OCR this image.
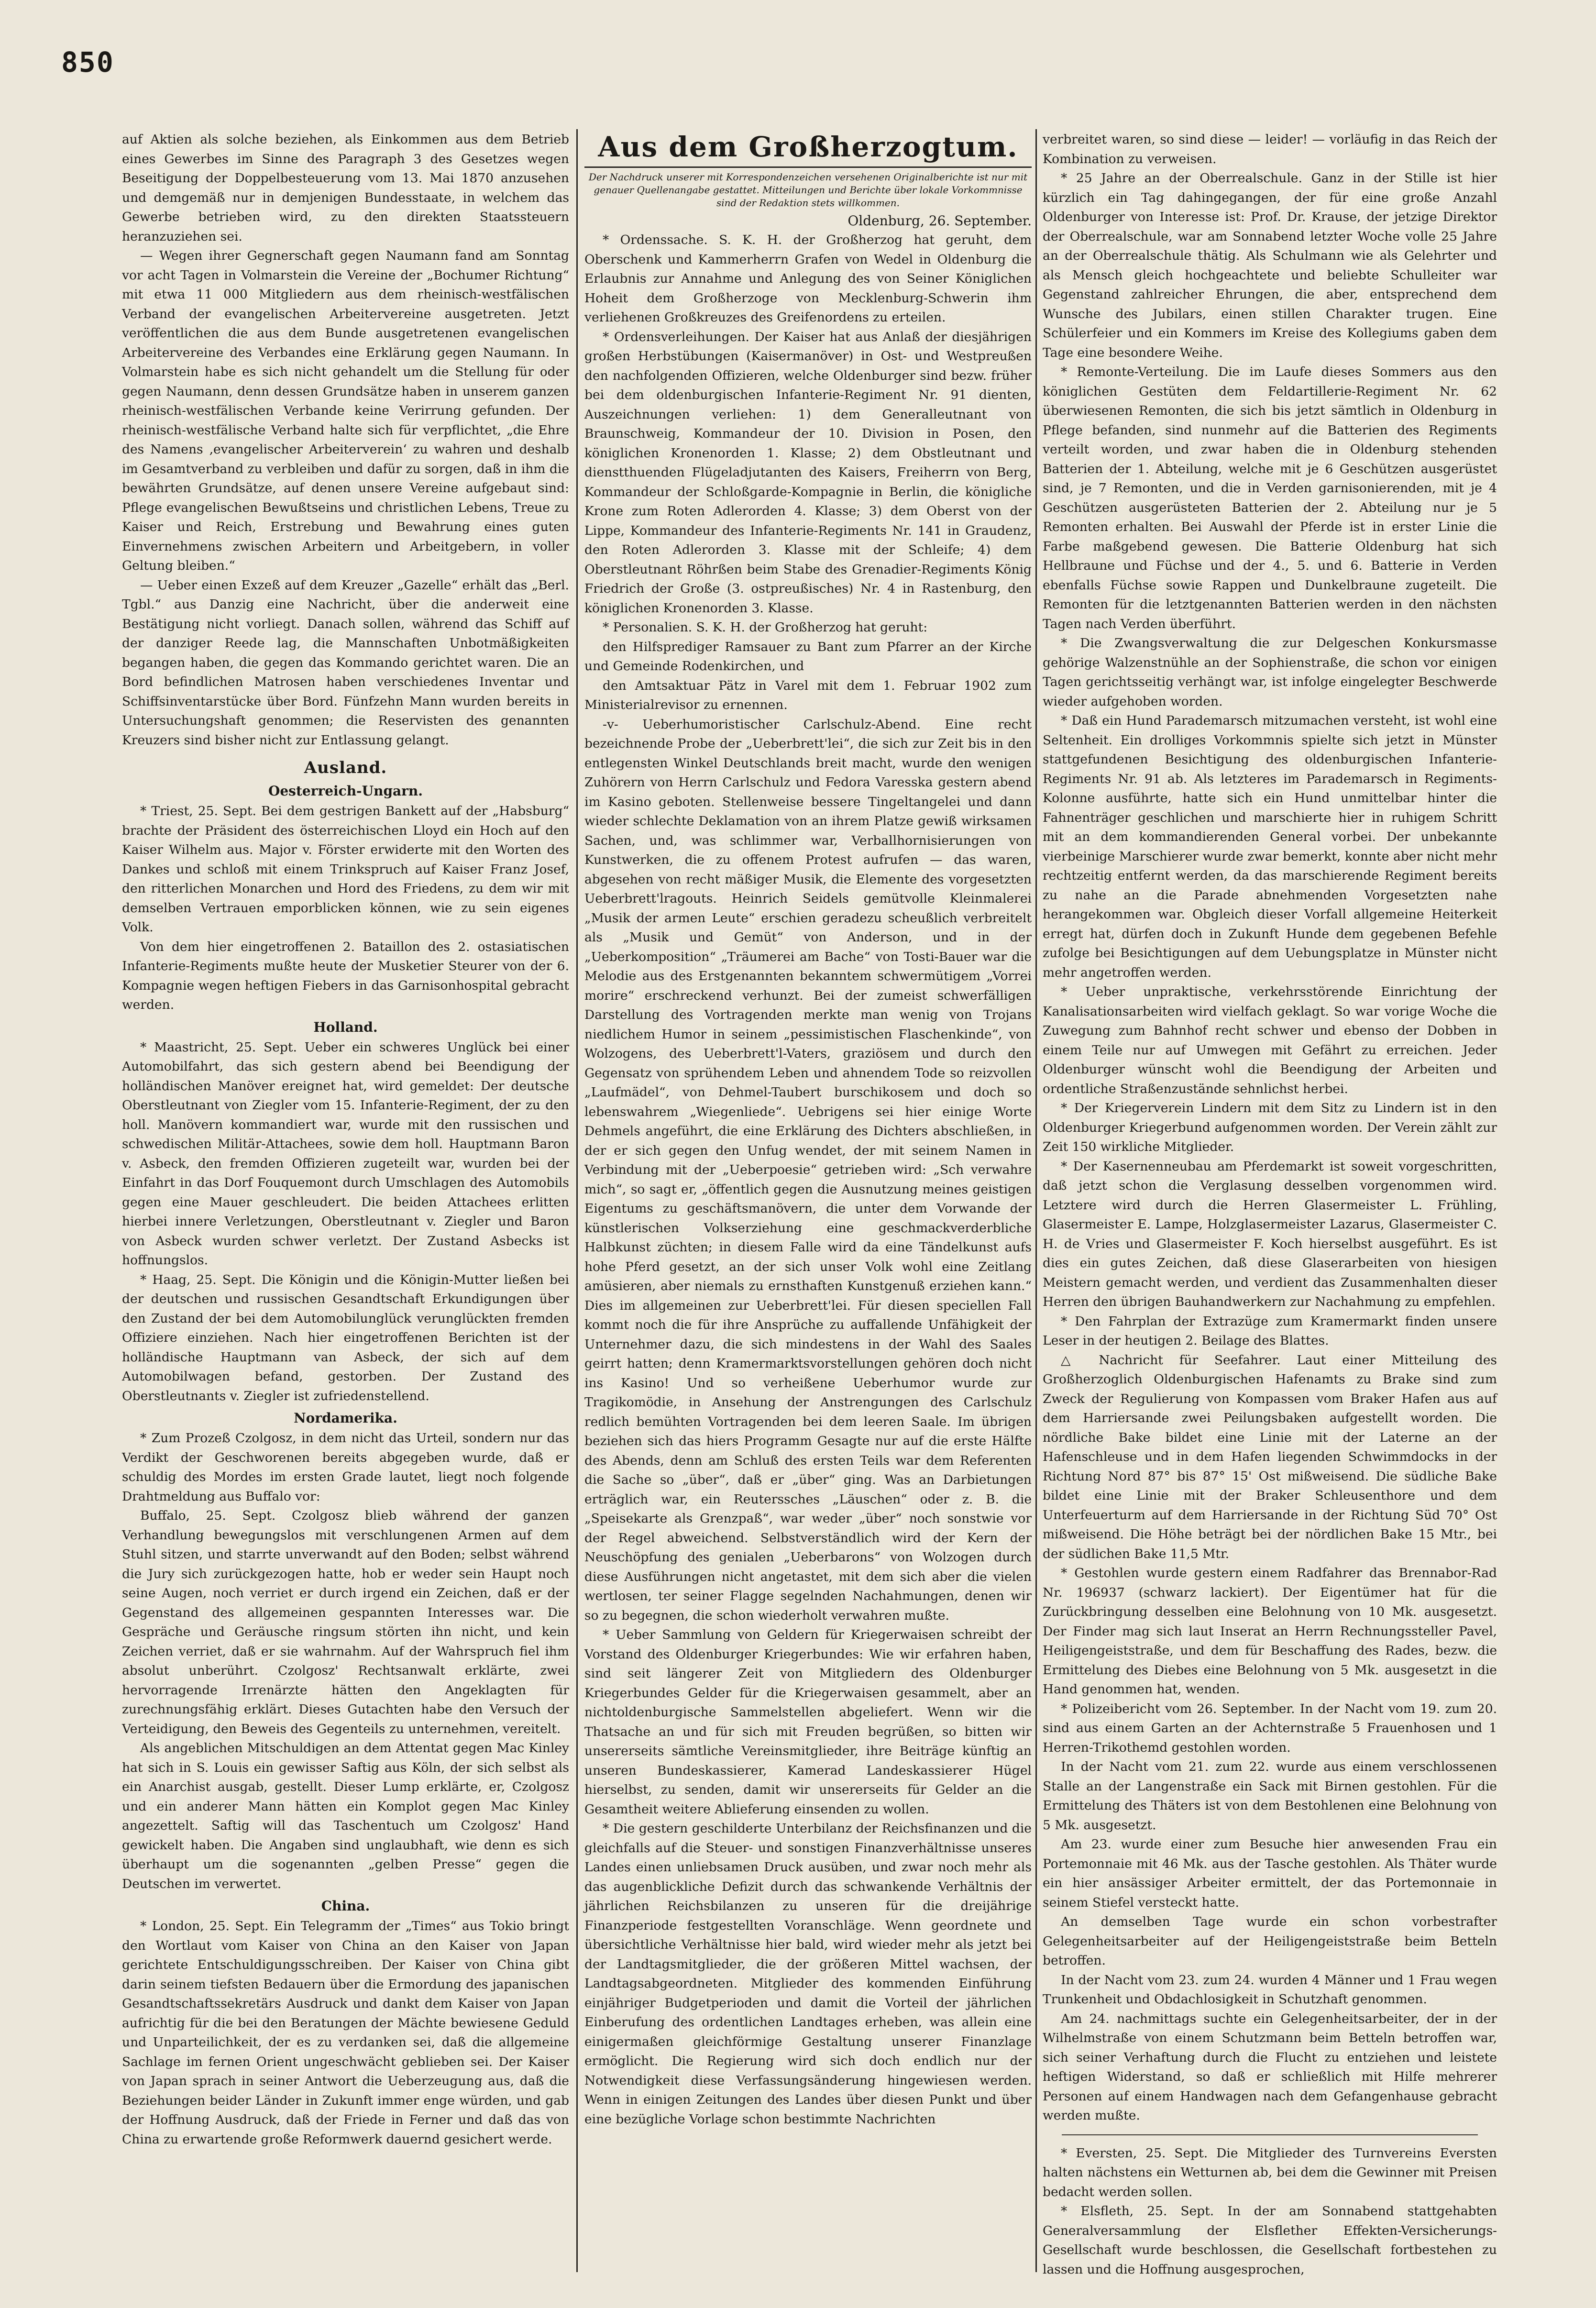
850

auf Aktien als solche beziehen, als Einkommen aus dem Betrieb eines Gewerbes im Sinne des Paragraph 3 des Gesetzes wegen Beseitigung der Doppelbesteuerung vom 13. Mai 1870 anzusehen und demgemäß nur in demjenigen Bundesstaate, in welchem das Gewerbe betrieben wird, zu den direkten Staatssteuern heranzuziehen sei.

— Wegen ihrer Gegnerschaft gegen Naumann fand am Sonntag vor acht Tagen in Volmarstein die Vereine der „Bochumer Richtung“ mit etwa 11 000 Mitgliedern aus dem rheinisch-westfälischen Verband der evangelischen Arbeitervereine ausgetreten. Jetzt veröffentlichen die aus dem Bunde ausgetretenen evangelischen Arbeitervereine des Verbandes eine Erklärung gegen Naumann. In Volmarstein habe es sich nicht gehandelt um die Stellung für oder gegen Naumann, denn dessen Grundsätze haben in unserem ganzen rheinisch-westfälischen Verbande keine Verirrung gefunden. Der rheinisch-westfälische Verband halte sich für verpflichtet, „die Ehre des Namens ‚evangelischer Arbeiterverein‘ zu wahren und deshalb im Gesamtverband zu verbleiben und dafür zu sorgen, daß in ihm die bewährten Grundsätze, auf denen unsere Vereine aufgebaut sind: Pflege evangelischen Bewußtseins und christlichen Lebens, Treue zu Kaiser und Reich, Erstrebung und Bewahrung eines guten Einvernehmens zwischen Arbeitern und Arbeitgebern, in voller Geltung bleiben.“

— Ueber einen Exzeß auf dem Kreuzer „Gazelle“ erhält das „Berl. Tgbl.“ aus Danzig eine Nachricht, über die anderweit eine Bestätigung nicht vorliegt. Danach sollen, während das Schiff auf der danziger Reede lag, die Mannschaften Unbotmäßigkeiten begangen haben, die gegen das Kommando gerichtet waren. Die an Bord befindlichen Matrosen haben verschiedenes Inventar und Schiffsinventarstücke über Bord. Fünfzehn Mann wurden bereits in Untersuchungshaft genommen; die Reservisten des genannten Kreuzers sind bisher nicht zur Entlassung gelangt.

Ausland.
Oesterreich-Ungarn.

* Triest, 25. Sept. Bei dem gestrigen Bankett auf der „Habsburg“ brachte der Präsident des österreichischen Lloyd ein Hoch auf den Kaiser Wilhelm aus. Major v. Förster erwiderte mit den Worten des Dankes und schloß mit einem Trinkspruch auf Kaiser Franz Josef, den ritterlichen Monarchen und Hord des Friedens, zu dem wir mit demselben Vertrauen emporblicken können, wie zu sein eigenes Volk.

Von dem hier eingetroffenen 2. Bataillon des 2. ostasiatischen Infanterie-Regiments mußte heute der Musketier Steurer von der 6. Kompagnie wegen heftigen Fiebers in das Garnisonhospital gebracht werden.

Holland.

* Maastricht, 25. Sept. Ueber ein schweres Unglück bei einer Automobilfahrt, das sich gestern abend bei Beendigung der holländischen Manöver ereignet hat, wird gemeldet: Der deutsche Oberstleutnant von Ziegler vom 15. Infanterie-Regiment, der zu den holl. Manövern kommandiert war, wurde mit den russischen und schwedischen Militär-Attachees, sowie dem holl. Hauptmann Baron v. Asbeck, den fremden Offizieren zugeteilt war, wurden bei der Einfahrt in das Dorf Fouquemont durch Umschlagen des Automobils gegen eine Mauer geschleudert. Die beiden Attachees erlitten hierbei innere Verletzungen, Oberstleutnant v. Ziegler und Baron von Asbeck wurden schwer verletzt. Der Zustand Asbecks ist hoffnungslos.

* Haag, 25. Sept. Die Königin und die Königin-Mutter ließen bei der deutschen und russischen Gesandtschaft Erkundigungen über den Zustand der bei dem Automobilunglück verunglückten fremden Offiziere einziehen. Nach hier eingetroffenen Berichten ist der holländische Hauptmann van Asbeck, der sich auf dem Automobilwagen befand, gestorben. Der Zustand des Oberstleutnants v. Ziegler ist zufriedenstellend.

Nordamerika.

* Zum Prozeß Czolgosz, in dem nicht das Urteil, sondern nur das Verdikt der Geschworenen bereits abgegeben wurde, daß er schuldig des Mordes im ersten Grade lautet, liegt noch folgende Drahtmeldung aus Buffalo vor:

Buffalo, 25. Sept. Czolgosz blieb während der ganzen Verhandlung bewegungslos mit verschlungenen Armen auf dem Stuhl sitzen, und starrte unverwandt auf den Boden; selbst während die Jury sich zurückgezogen hatte, hob er weder sein Haupt noch seine Augen, noch verriet er durch irgend ein Zeichen, daß er der Gegenstand des allgemeinen gespannten Interesses war. Die Gespräche und Geräusche ringsum störten ihn nicht, und kein Zeichen verriet, daß er sie wahrnahm. Auf der Wahrspruch fiel ihm absolut unberührt. Czolgosz' Rechtsanwalt erklärte, zwei hervorragende Irrenärzte hätten den Angeklagten für zurechnungsfähig erklärt. Dieses Gutachten habe den Versuch der Verteidigung, den Beweis des Gegenteils zu unternehmen, vereitelt.

Als angeblichen Mitschuldigen an dem Attentat gegen Mac Kinley hat sich in S. Louis ein gewisser Saftig aus Köln, der sich selbst als ein Anarchist ausgab, gestellt. Dieser Lump erklärte, er, Czolgosz und ein anderer Mann hätten ein Komplot gegen Mac Kinley angezettelt. Saftig will das Taschentuch um Czolgosz' Hand gewickelt haben. Die Angaben sind unglaubhaft, wie denn es sich überhaupt um die sogenannten „gelben Presse“ gegen die Deutschen im verwertet.

China.

* London, 25. Sept. Ein Telegramm der „Times“ aus Tokio bringt den Wortlaut vom Kaiser von China an den Kaiser von Japan gerichtete Entschuldigungsschreiben. Der Kaiser von China gibt darin seinem tiefsten Bedauern über die Ermordung des japanischen Gesandtschaftssekretärs Ausdruck und dankt dem Kaiser von Japan aufrichtig für die bei den Beratungen der Mächte bewiesene Geduld und Unparteilichkeit, der es zu verdanken sei, daß die allgemeine Sachlage im fernen Orient ungeschwächt geblieben sei. Der Kaiser von Japan sprach in seiner Antwort die Ueberzeugung aus, daß die Beziehungen beider Länder in Zukunft immer enge würden, und gab der Hoffnung Ausdruck, daß der Friede in Ferner und daß das von China zu erwartende große Reformwerk dauernd gesichert werde.

Aus dem Großherzogtum.
Der Nachdruck unserer mit Korrespondenzeichen versehenen Originalberichte ist nur mit genauer Quellenangabe gestattet. Mitteilungen und Berichte über lokale Vorkommnisse sind der Redaktion stets willkommen.
Oldenburg, 26. September.

* Ordenssache. S. K. H. der Großherzog hat geruht, dem Oberschenk und Kammerherrn Grafen von Wedel in Oldenburg die Erlaubnis zur Annahme und Anlegung des von Seiner Königlichen Hoheit dem Großherzoge von Mecklenburg-Schwerin ihm verliehenen Großkreuzes des Greifenordens zu erteilen.

* Ordensverleihungen. Der Kaiser hat aus Anlaß der diesjährigen großen Herbstübungen (Kaisermanöver) in Ost- und Westpreußen den nachfolgenden Offizieren, welche Oldenburger sind bezw. früher bei dem oldenburgischen Infanterie-Regiment Nr. 91 dienten, Auszeichnungen verliehen: 1) dem Generalleutnant von Braunschweig, Kommandeur der 10. Division in Posen, den königlichen Kronenorden 1. Klasse; 2) dem Obstleutnant und dienstthuenden Flügeladjutanten des Kaisers, Freiherrn von Berg, Kommandeur der Schloßgarde-Kompagnie in Berlin, die königliche Krone zum Roten Adlerorden 4. Klasse; 3) dem Oberst von der Lippe, Kommandeur des Infanterie-Regiments Nr. 141 in Graudenz, den Roten Adlerorden 3. Klasse mit der Schleife; 4) dem Oberstleutnant Röhrßen beim Stabe des Grenadier-Regiments König Friedrich der Große (3. ostpreußisches) Nr. 4 in Rastenburg, den königlichen Kronenorden 3. Klasse.

* Personalien. S. K. H. der Großherzog hat geruht:

den Hilfsprediger Ramsauer zu Bant zum Pfarrer an der Kirche und Gemeinde Rodenkirchen, und

den Amtsaktuar Pätz in Varel mit dem 1. Februar 1902 zum Ministerialrevisor zu ernennen.

-v- Ueberhumoristischer Carlschulz-Abend. Eine recht bezeichnende Probe der „Ueberbrett'lei“, die sich zur Zeit bis in den entlegensten Winkel Deutschlands breit macht, wurde den wenigen Zuhörern von Herrn Carlschulz und Fedora Varesska gestern abend im Kasino geboten. Stellenweise bessere Tingeltangelei und dann wieder schlechte Deklamation von an ihrem Platze gewiß wirksamen Sachen, und, was schlimmer war, Verballhornisierungen von Kunstwerken, die zu offenem Protest aufrufen — das waren, abgesehen von recht mäßiger Musik, die Elemente des vorgesetzten Ueberbrett'lragouts. Heinrich Seidels gemütvolle Kleinmalerei „Musik der armen Leute“ erschien geradezu scheußlich verbreitelt als „Musik und Gemüt“ von Anderson, und in der „Ueberkomposition“ „Träumerei am Bache“ von Tosti-Bauer war die Melodie aus des Erstgenannten bekanntem schwermütigem „Vorrei morire“ erschreckend verhunzt. Bei der zumeist schwerfälligen Darstellung des Vortragenden merkte man wenig von Trojans niedlichem Humor in seinem „pessimistischen Flaschenkinde“, von Wolzogens, des Ueberbrett'l-Vaters, graziösem und durch den Gegensatz von sprühendem Leben und ahnendem Tode so reizvollen „Laufmädel“, von Dehmel-Taubert burschikosem und doch so lebenswahrem „Wiegenliede“. Uebrigens sei hier einige Worte Dehmels angeführt, die eine Erklärung des Dichters abschließen, in der er sich gegen den Unfug wendet, der mit seinem Namen in Verbindung mit der „Ueberpoesie“ getrieben wird: „Sch verwahre mich“, so sagt er, „öffentlich gegen die Ausnutzung meines geistigen Eigentums zu geschäftsmanövern, die unter dem Vorwande der künstlerischen Volkserziehung eine geschmackverderbliche Halbkunst züchten; in diesem Falle wird da eine Tändelkunst aufs hohe Pferd gesetzt, an der sich unser Volk wohl eine Zeitlang amüsieren, aber niemals zu ernsthaften Kunstgenuß erziehen kann.“ Dies im allgemeinen zur Ueberbrett'lei. Für diesen speciellen Fall kommt noch die für ihre Ansprüche zu auffallende Unfähigkeit der Unternehmer dazu, die sich mindestens in der Wahl des Saales geirrt hatten; denn Kramermarktsvorstellungen gehören doch nicht ins Kasino! Und so verheißene Ueberhumor wurde zur Tragikomödie, in Ansehung der Anstrengungen des Carlschulz redlich bemühten Vortragenden bei dem leeren Saale. Im übrigen beziehen sich das hiers Programm Gesagte nur auf die erste Hälfte des Abends, denn am Schluß des ersten Teils war dem Referenten die Sache so „über“, daß er „über“ ging. Was an Darbietungen erträglich war, ein Reuterssches „Läuschen“ oder z. B. die „Speisekarte als Grenzpaß“, war weder „über“ noch sonstwie vor der Regel abweichend. Selbstverständlich wird der Kern der Neuschöpfung des genialen „Ueberbarons“ von Wolzogen durch diese Ausführungen nicht angetastet, mit dem sich aber die vielen wertlosen, ter seiner Flagge segelnden Nachahmungen, denen wir so zu begegnen, die schon wiederholt verwahren mußte.

* Ueber Sammlung von Geldern für Kriegerwaisen schreibt der Vorstand des Oldenburger Kriegerbundes: Wie wir erfahren haben, sind seit längerer Zeit von Mitgliedern des Oldenburger Kriegerbundes Gelder für die Kriegerwaisen gesammelt, aber an nichtoldenburgische Sammelstellen abgeliefert. Wenn wir die Thatsache an und für sich mit Freuden begrüßen, so bitten wir unsererseits sämtliche Vereinsmitglieder, ihre Beiträge künftig an unseren Bundeskassierer, Kamerad Landeskassierer Hügel hierselbst, zu senden, damit wir unsererseits für Gelder an die Gesamtheit weitere Ablieferung einsenden zu wollen.

* Die gestern geschilderte Unterbilanz der Reichsfinanzen und die gleichfalls auf die Steuer- und sonstigen Finanzverhältnisse unseres Landes einen unliebsamen Druck ausüben, und zwar noch mehr als das augenblickliche Defizit durch das schwankende Verhältnis der jährlichen Reichsbilanzen zu unseren für die dreijährige Finanzperiode festgestellten Voranschläge. Wenn geordnete und übersichtliche Verhältnisse hier bald, wird wieder mehr als jetzt bei der Landtagsmitglieder, die der größeren Mittel wachsen, der Landtagsabgeordneten. Mitglieder des kommenden Einführung einjähriger Budgetperioden und damit die Vorteil der jährlichen Einberufung des ordentlichen Landtages erheben, was allein eine einigermaßen gleichförmige Gestaltung unserer Finanzlage ermöglicht. Die Regierung wird sich doch endlich nur der Notwendigkeit diese Verfassungsänderung hingewiesen werden. Wenn in einigen Zeitungen des Landes über diesen Punkt und über eine bezügliche Vorlage schon bestimmte Nachrichten

verbreitet waren, so sind diese — leider! — vorläufig in das Reich der Kombination zu verweisen.

* 25 Jahre an der Oberrealschule. Ganz in der Stille ist hier kürzlich ein Tag dahingegangen, der für eine große Anzahl Oldenburger von Interesse ist: Prof. Dr. Krause, der jetzige Direktor der Oberrealschule, war am Sonnabend letzter Woche volle 25 Jahre an der Oberrealschule thätig. Als Schulmann wie als Gelehrter und als Mensch gleich hochgeachtete und beliebte Schulleiter war Gegenstand zahlreicher Ehrungen, die aber, entsprechend dem Wunsche des Jubilars, einen stillen Charakter trugen. Eine Schülerfeier und ein Kommers im Kreise des Kollegiums gaben dem Tage eine besondere Weihe.

* Remonte-Verteilung. Die im Laufe dieses Sommers aus den königlichen Gestüten dem Feldartillerie-Regiment Nr. 62 überwiesenen Remonten, die sich bis jetzt sämtlich in Oldenburg in Pflege befanden, sind nunmehr auf die Batterien des Regiments verteilt worden, und zwar haben die in Oldenburg stehenden Batterien der 1. Abteilung, welche mit je 6 Geschützen ausgerüstet sind, je 7 Remonten, und die in Verden garnisonierenden, mit je 4 Geschützen ausgerüsteten Batterien der 2. Abteilung nur je 5 Remonten erhalten. Bei Auswahl der Pferde ist in erster Linie die Farbe maßgebend gewesen. Die Batterie Oldenburg hat sich Hellbraune und Füchse und der 4., 5. und 6. Batterie in Verden ebenfalls Füchse sowie Rappen und Dunkelbraune zugeteilt. Die Remonten für die letztgenannten Batterien werden in den nächsten Tagen nach Verden überführt.

* Die Zwangsverwaltung die zur Delgeschen Konkursmasse gehörige Walzenstnühle an der Sophienstraße, die schon vor einigen Tagen gerichtsseitig verhängt war, ist infolge eingelegter Beschwerde wieder aufgehoben worden.

* Daß ein Hund Parademarsch mitzumachen versteht, ist wohl eine Seltenheit. Ein drolliges Vorkommnis spielte sich jetzt in Münster stattgefundenen Besichtigung des oldenburgischen Infanterie-Regiments Nr. 91 ab. Als letzteres im Parademarsch in Regiments-Kolonne ausführte, hatte sich ein Hund unmittelbar hinter die Fahnenträger geschlichen und marschierte hier in ruhigem Schritt mit an dem kommandierenden General vorbei. Der unbekannte vierbeinige Marschierer wurde zwar bemerkt, konnte aber nicht mehr rechtzeitig entfernt werden, da das marschierende Regiment bereits zu nahe an die Parade abnehmenden Vorgesetzten nahe herangekommen war. Obgleich dieser Vorfall allgemeine Heiterkeit erregt hat, dürfen doch in Zukunft Hunde dem gegebenen Befehle zufolge bei Besichtigungen auf dem Uebungsplatze in Münster nicht mehr angetroffen werden.

* Ueber unpraktische, verkehrsstörende Einrichtung der Kanalisationsarbeiten wird vielfach geklagt. So war vorige Woche die Zuwegung zum Bahnhof recht schwer und ebenso der Dobben in einem Teile nur auf Umwegen mit Gefährt zu erreichen. Jeder Oldenburger wünscht wohl die Beendigung der Arbeiten und ordentliche Straßenzustände sehnlichst herbei.

* Der Kriegerverein Lindern mit dem Sitz zu Lindern ist in den Oldenburger Kriegerbund aufgenommen worden. Der Verein zählt zur Zeit 150 wirkliche Mitglieder.

* Der Kasernenneubau am Pferdemarkt ist soweit vorgeschritten, daß jetzt schon die Verglasung desselben vorgenommen wird. Letztere wird durch die Herren Glasermeister L. Frühling, Glasermeister E. Lampe, Holzglasermeister Lazarus, Glasermeister C. H. de Vries und Glasermeister F. Koch hierselbst ausgeführt. Es ist dies ein gutes Zeichen, daß diese Glaserarbeiten von hiesigen Meistern gemacht werden, und verdient das Zusammenhalten dieser Herren den übrigen Bauhandwerkern zur Nachahmung zu empfehlen.

* Den Fahrplan der Extrazüge zum Kramermarkt finden unsere Leser in der heutigen 2. Beilage des Blattes.

△ Nachricht für Seefahrer. Laut einer Mitteilung des Großherzoglich Oldenburgischen Hafenamts zu Brake sind zum Zweck der Regulierung von Kompassen vom Braker Hafen aus auf dem Harriersande zwei Peilungsbaken aufgestellt worden. Die nördliche Bake bildet eine Linie mit der Laterne an der Hafenschleuse und in dem Hafen liegenden Schwimmdocks in der Richtung Nord 87° bis 87° 15' Ost mißweisend. Die südliche Bake bildet eine Linie mit der Braker Schleusenthore und dem Unterfeuerturm auf dem Harriersande in der Richtung Süd 70° Ost mißweisend. Die Höhe beträgt bei der nördlichen Bake 15 Mtr., bei der südlichen Bake 11,5 Mtr.

* Gestohlen wurde gestern einem Radfahrer das Brennabor-Rad Nr. 196937 (schwarz lackiert). Der Eigentümer hat für die Zurückbringung desselben eine Belohnung von 10 Mk. ausgesetzt. Der Finder mag sich laut Inserat an Herrn Rechnungssteller Pavel, Heiligengeiststraße, und dem für Beschaffung des Rades, bezw. die Ermittelung des Diebes eine Belohnung von 5 Mk. ausgesetzt in die Hand genommen hat, wenden.

* Polizeibericht vom 26. September. In der Nacht vom 19. zum 20. sind aus einem Garten an der Achternstraße 5 Frauenhosen und 1 Herren-Trikothemd gestohlen worden.

In der Nacht vom 21. zum 22. wurde aus einem verschlossenen Stalle an der Langenstraße ein Sack mit Birnen gestohlen. Für die Ermittelung des Thäters ist von dem Bestohlenen eine Belohnung von 5 Mk. ausgesetzt.

Am 23. wurde einer zum Besuche hier anwesenden Frau ein Portemonnaie mit 46 Mk. aus der Tasche gestohlen. Als Thäter wurde ein hier ansässiger Arbeiter ermittelt, der das Portemonnaie in seinem Stiefel versteckt hatte.

An demselben Tage wurde ein schon vorbestrafter Gelegenheitsarbeiter auf der Heiligengeiststraße beim Betteln betroffen.

In der Nacht vom 23. zum 24. wurden 4 Männer und 1 Frau wegen Trunkenheit und Obdachlosigkeit in Schutzhaft genommen.

Am 24. nachmittags suchte ein Gelegenheitsarbeiter, der in der Wilhelmstraße von einem Schutzmann beim Betteln betroffen war, sich seiner Verhaftung durch die Flucht zu entziehen und leistete heftigen Widerstand, so daß er schließlich mit Hilfe mehrerer Personen auf einem Handwagen nach dem Gefangenhause gebracht werden mußte.

* Eversten, 25. Sept. Die Mitglieder des Turnvereins Eversten halten nächstens ein Wetturnen ab, bei dem die Gewinner mit Preisen bedacht werden sollen.

* Elsfleth, 25. Sept. In der am Sonnabend stattgehabten Generalversammlung der Elsflether Effekten-Versicherungs-Gesellschaft wurde beschlossen, die Gesellschaft fortbestehen zu lassen und die Hoffnung ausgesprochen,
